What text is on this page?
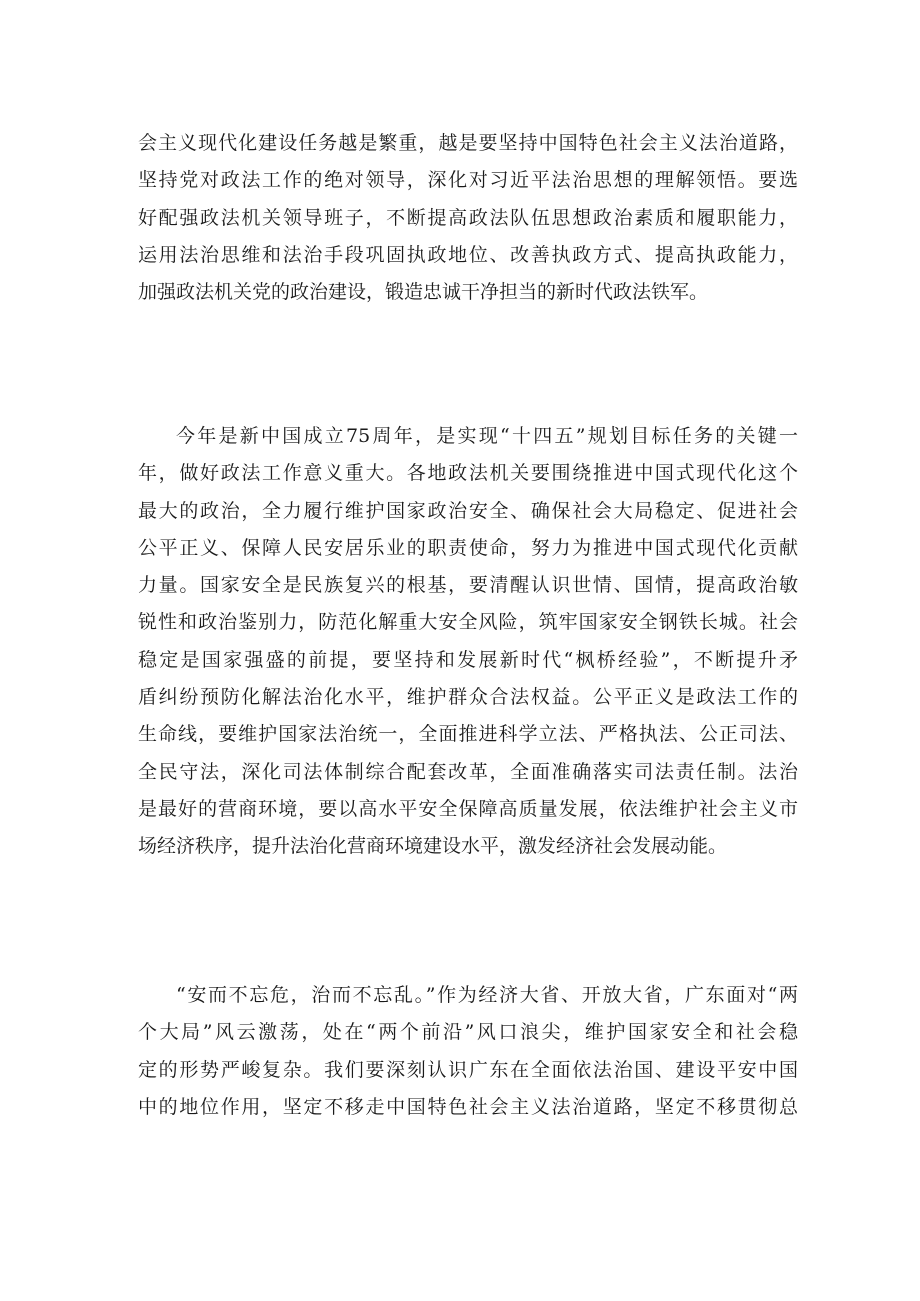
会主义现代化建设任务越是繁重，越是要坚持中国特色社会主义法治道路，
坚持党对政法工作的绝对领导，深化对习近平法治思想的理解领悟。要选
好配强政法机关领导班子，不断提高政法队伍思想政治素质和履职能力，
运用法治思维和法治手段巩固执政地位、改善执政方式、提高执政能力，
加强政法机关党的政治建设，锻造忠诚干净担当的新时代政法铁军。

今年是新中国成立75周年，是实现“十四五”规划目标任务的关键一
年，做好政法工作意义重大。各地政法机关要围绕推进中国式现代化这个
最大的政治，全力履行维护国家政治安全、确保社会大局稳定、促进社会
公平正义、保障人民安居乐业的职责使命，努力为推进中国式现代化贡献
力量。国家安全是民族复兴的根基，要清醒认识世情、国情，提高政治敏
锐性和政治鉴别力，防范化解重大安全风险，筑牢国家安全钢铁长城。社会
稳定是国家强盛的前提，要坚持和发展新时代“枫桥经验”，不断提升矛
盾纠纷预防化解法治化水平，维护群众合法权益。公平正义是政法工作的
生命线，要维护国家法治统一，全面推进科学立法、严格执法、公正司法、
全民守法，深化司法体制综合配套改革，全面准确落实司法责任制。法治
是最好的营商环境，要以高水平安全保障高质量发展，依法维护社会主义市
场经济秩序，提升法治化营商环境建设水平，激发经济社会发展动能。

“安而不忘危，治而不忘乱。”作为经济大省、开放大省，广东面对“两
个大局”风云激荡，处在“两个前沿”风口浪尖，维护国家安全和社会稳
定的形势严峻复杂。我们要深刻认识广东在全面依法治国、建设平安中国
中的地位作用，坚定不移走中国特色社会主义法治道路，坚定不移贯彻总
